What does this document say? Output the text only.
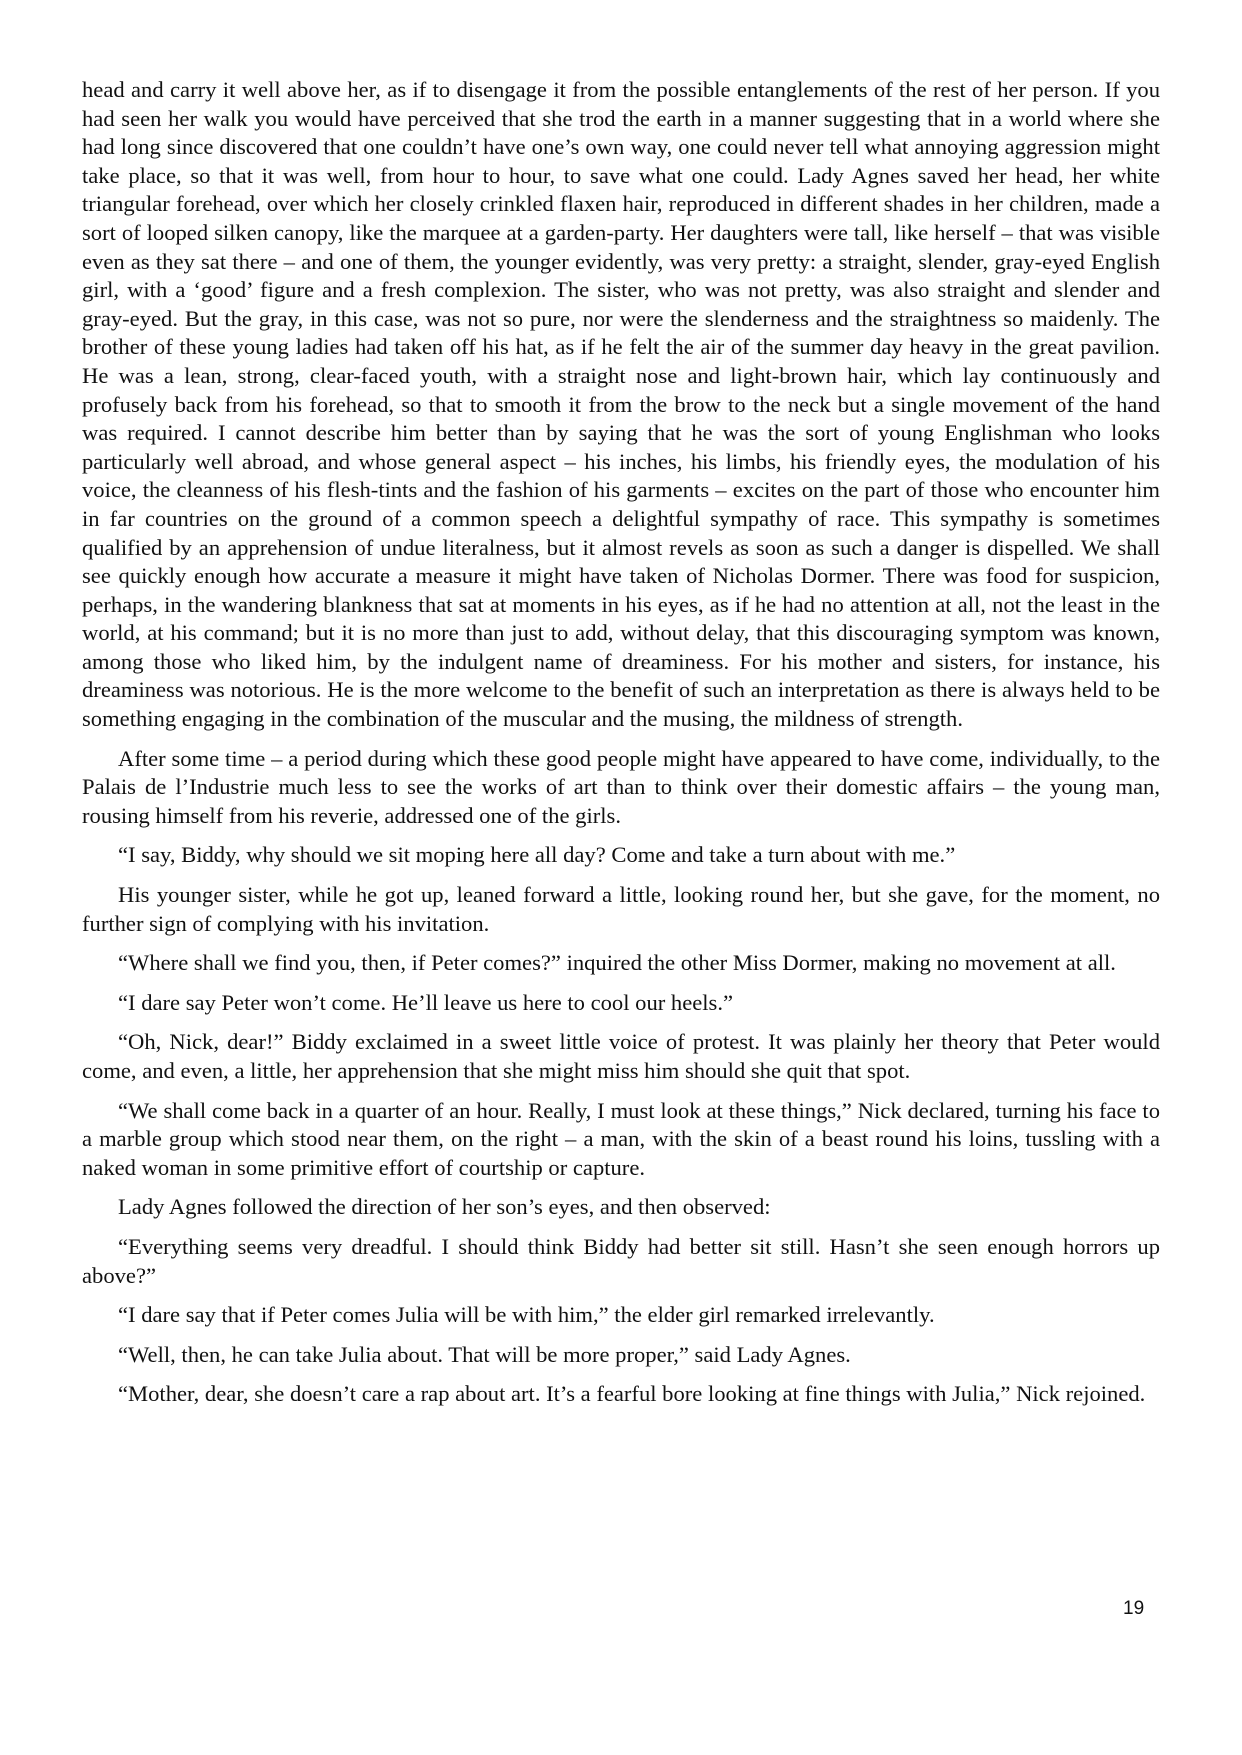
head and carry it well above her, as if to disengage it from the possible entanglements of the rest of her person. If you had seen her walk you would have perceived that she trod the earth in a manner suggesting that in a world where she had long since discovered that one couldn’t have one’s own way, one could never tell what annoying aggression might take place, so that it was well, from hour to hour, to save what one could. Lady Agnes saved her head, her white triangular forehead, over which her closely crinkled flaxen hair, reproduced in different shades in her children, made a sort of looped silken canopy, like the marquee at a garden-party. Her daughters were tall, like herself – that was visible even as they sat there – and one of them, the younger evidently, was very pretty: a straight, slender, gray-eyed English girl, with a ‘good’ figure and a fresh complexion. The sister, who was not pretty, was also straight and slender and gray-eyed. But the gray, in this case, was not so pure, nor were the slenderness and the straightness so maidenly. The brother of these young ladies had taken off his hat, as if he felt the air of the summer day heavy in the great pavilion. He was a lean, strong, clear-faced youth, with a straight nose and light-brown hair, which lay continuously and profusely back from his forehead, so that to smooth it from the brow to the neck but a single movement of the hand was required. I cannot describe him better than by saying that he was the sort of young Englishman who looks particularly well abroad, and whose general aspect – his inches, his limbs, his friendly eyes, the modulation of his voice, the cleanness of his flesh-tints and the fashion of his garments – excites on the part of those who encounter him in far countries on the ground of a common speech a delightful sympathy of race. This sympathy is sometimes qualified by an apprehension of undue literalness, but it almost revels as soon as such a danger is dispelled. We shall see quickly enough how accurate a measure it might have taken of Nicholas Dormer. There was food for suspicion, perhaps, in the wandering blankness that sat at moments in his eyes, as if he had no attention at all, not the least in the world, at his command; but it is no more than just to add, without delay, that this discouraging symptom was known, among those who liked him, by the indulgent name of dreaminess. For his mother and sisters, for instance, his dreaminess was notorious. He is the more welcome to the benefit of such an interpretation as there is always held to be something engaging in the combination of the muscular and the musing, the mildness of strength.

After some time – a period during which these good people might have appeared to have come, individually, to the Palais de l’Industrie much less to see the works of art than to think over their domestic affairs – the young man, rousing himself from his reverie, addressed one of the girls.

“I say, Biddy, why should we sit moping here all day? Come and take a turn about with me.”

His younger sister, while he got up, leaned forward a little, looking round her, but she gave, for the moment, no further sign of complying with his invitation.

“Where shall we find you, then, if Peter comes?” inquired the other Miss Dormer, making no movement at all.

“I dare say Peter won’t come. He’ll leave us here to cool our heels.”

“Oh, Nick, dear!” Biddy exclaimed in a sweet little voice of protest. It was plainly her theory that Peter would come, and even, a little, her apprehension that she might miss him should she quit that spot.

“We shall come back in a quarter of an hour. Really, I must look at these things,” Nick declared, turning his face to a marble group which stood near them, on the right – a man, with the skin of a beast round his loins, tussling with a naked woman in some primitive effort of courtship or capture.

Lady Agnes followed the direction of her son’s eyes, and then observed:

“Everything seems very dreadful. I should think Biddy had better sit still. Hasn’t she seen enough horrors up above?”

“I dare say that if Peter comes Julia will be with him,” the elder girl remarked irrelevantly.

“Well, then, he can take Julia about. That will be more proper,” said Lady Agnes.

“Mother, dear, she doesn’t care a rap about art. It’s a fearful bore looking at fine things with Julia,” Nick rejoined.

19
